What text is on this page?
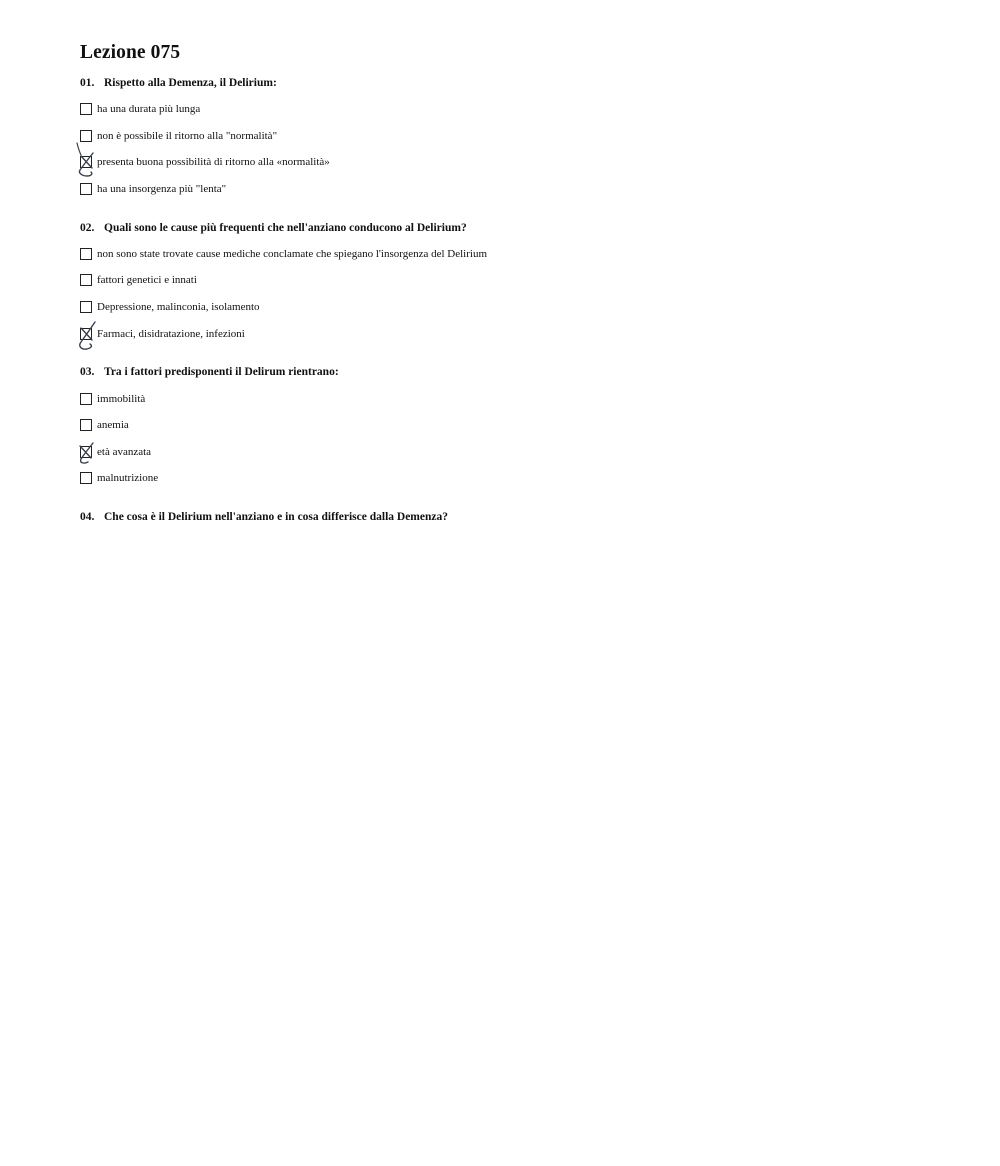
Lezione 075
01. Rispetto alla Demenza, il Delirium:
ha una durata più lunga
non è possibile il ritorno alla "normalità"
presenta buona possibilità di ritorno alla «normalità»
ha una insorgenza più "lenta"
02. Quali sono le cause più frequenti che nell'anziano conducono al Delirium?
non sono state trovate cause mediche conclamate che spiegano l'insorgenza del Delirium
fattori genetici e innati
Depressione, malinconia, isolamento
Farmaci, disidratazione, infezioni
03. Tra i fattori predisponenti il Delirum rientrano:
immobilità
anemia
età avanzata
malnutrizione
04. Che cosa è il Delirium nell'anziano e in cosa differisce dalla Demenza?
